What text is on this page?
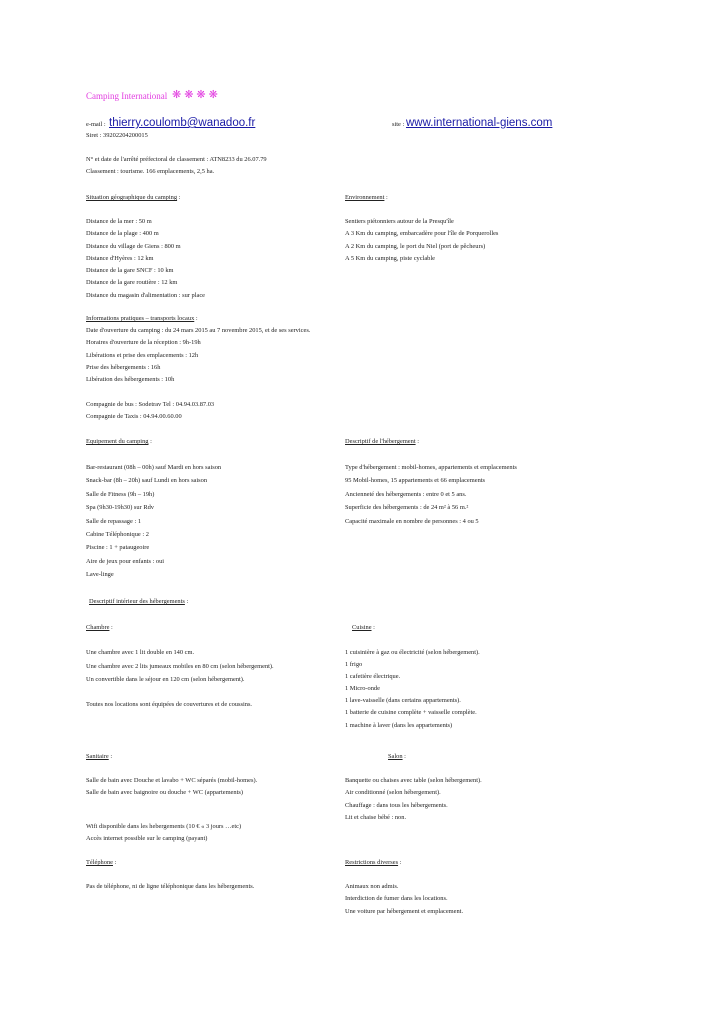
Camping International ❋❋❋❋
e-mail : thierry.coulomb@wanadoo.fr	site : www.international-giens.com
Siret : 39202204200015
N° et date de l'arrêté préfectoral de classement : ATN8233 du 26.07.79
Classement : tourisme. 166 emplacements, 2,5 ha.
Situation géographique du camping :
Distance de la mer : 50 m
Distance de la plage : 400 m
Distance du village de Giens : 800 m
Distance d'Hyères : 12 km
Distance de la gare SNCF : 10 km
Distance de la gare routière : 12 km
Distance du magasin d'alimentation : sur place
Environnement :
Sentiers piétonniers autour de la Presqu'île
A 3 Km du camping, embarcadère pour l'île de Porquerolles
A 2 Km du camping, le port du Niel (port de pêcheurs)
A 5 Km du camping, piste cyclable
Informations pratiques – transports locaux :
Date d'ouverture du camping : du 24 mars 2015 au 7 novembre 2015, et de ses services.
Horaires d'ouverture de la réception : 9h-19h
Libérations et prise des emplacements : 12h
Prise des hébergements : 16h
Libération des hébergements : 10h
Compagnie de bus : Sodetrav Tel : 04.94.03.87.03
Compagnie de Taxis : 04.94.00.60.00
Equipement du camping :
Bar-restaurant (08h – 00h) sauf Mardi en hors saison
Snack-bar (8h – 20h) sauf Lundi en hors saison
Salle de Fitness (9h – 19h)
Spa (9h30-19h30) sur Rdv
Salle de repassage : 1
Cabine Téléphonique : 2
Piscine : 1 + pataugeoire
Aire de jeux pour enfants : oui
Lave-linge
Descriptif de l'hébergement :
Type d'hébergement : mobil-homes, appartements et emplacements
95 Mobil-homes, 15 appartements et 66 emplacements
Ancienneté des hébergements : entre 0 et 5 ans.
Superficie des hébergements : de 24 m² à 56 m.²
Capacité maximale en nombre de personnes : 4 ou 5
Descriptif intérieur des hébergements :
Chambre :
Une chambre avec 1 lit double en 140 cm.
Une chambre avec 2 lits jumeaux mobiles en 80 cm (selon hébergement).
Un convertible dans le séjour en 120 cm (selon hébergement).
Toutes nos locations sont équipées de couvertures et de coussins.
Cuisine :
1 cuisinière à gaz ou électricité (selon hébergement).
1 frigo
1 cafetière électrique.
1 Micro-onde
1 lave-vaisselle (dans certains appartements).
1 batterie de cuisine complète + vaisselle complète.
1 machine à laver (dans les appartements)
Sanitaire :
Salle de bain avec Douche et lavabo + WC séparés (mobil-homes).
Salle de bain avec baignoire ou douche + WC (appartements)
Wifi disponible dans les hebergements (10 € « 3 jours …etc)
Accès internet possible sur le camping (payant)
Salon :
Banquette ou chaises avec table (selon hébergement).
Air conditionné (selon hébergement).
Chauffage : dans tous les hébergements.
Lit et chaise bébé : non.
Téléphone :
Pas de téléphone, ni de ligne téléphonique dans les hébergements.
Restrictions diverses :
Animaux non admis.
Interdiction de fumer dans les locations.
Une voiture par hébergement et emplacement.
